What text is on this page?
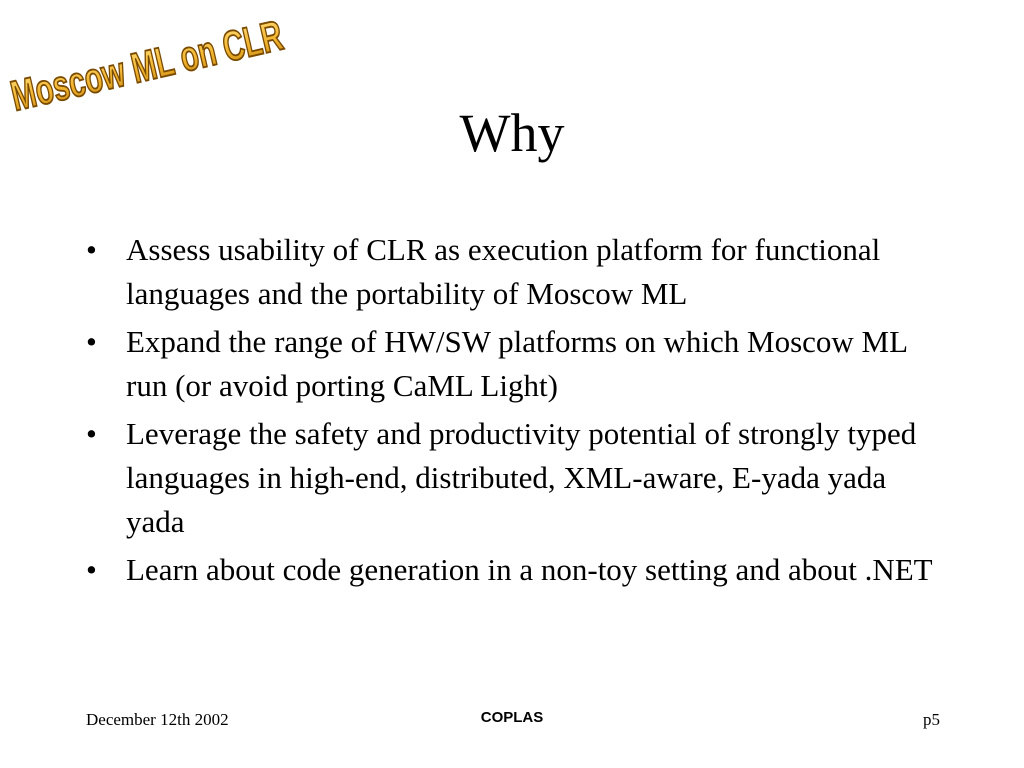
Moscow ML on CLR
Why
• Assess usability of CLR as execution platform for functional languages and the portability of Moscow ML
• Expand the range of HW/SW platforms on which Moscow ML run (or avoid porting CaML Light)
• Leverage the safety and productivity potential of strongly typed languages in high-end, distributed, XML-aware, E-yada yada yada
• Learn about code generation in a non-toy setting and about .NET
December 12th 2002	COPLAS	p5
